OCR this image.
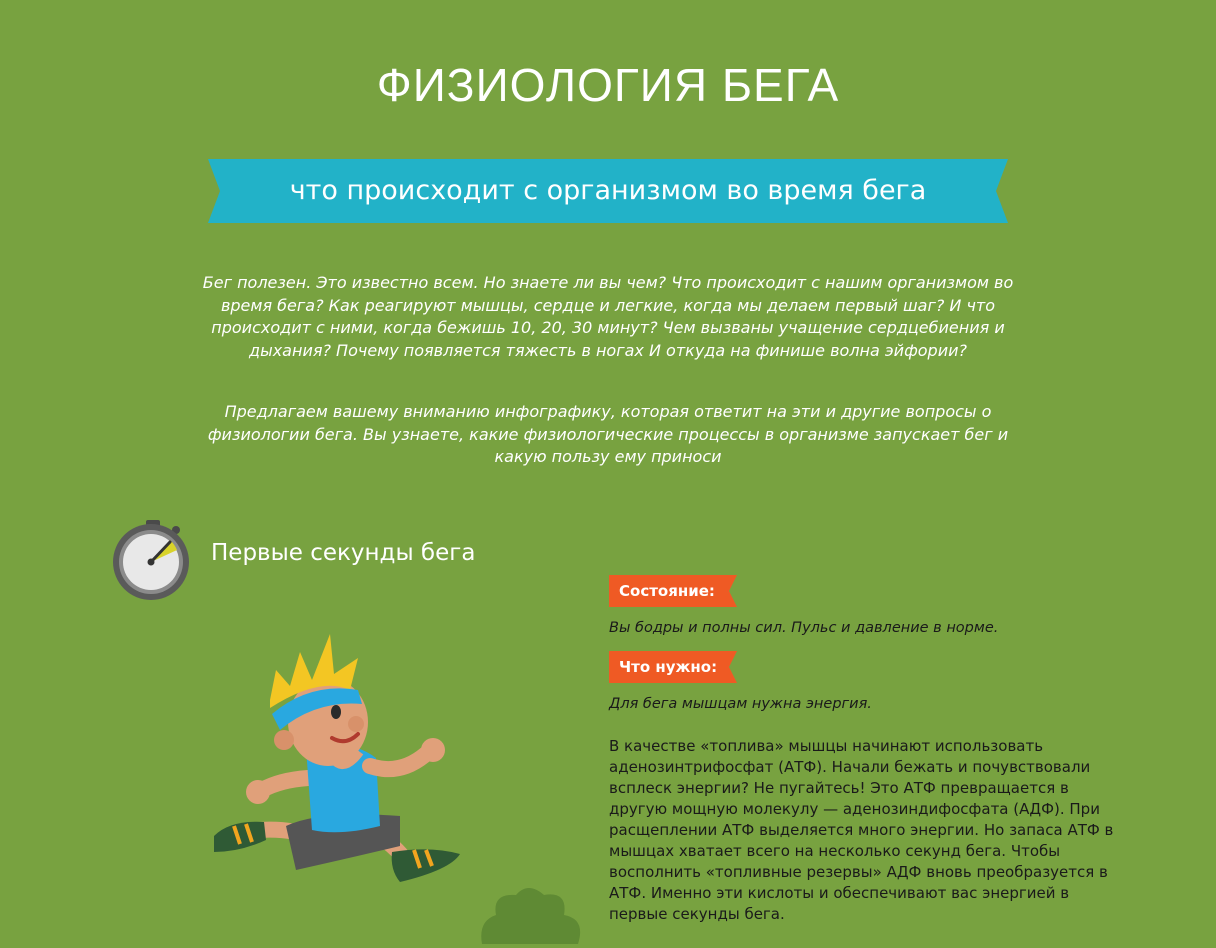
ФИЗИОЛОГИЯ БЕГА
что происходит с организмом во время бега

Бег полезен. Это известно всем. Но знаете ли вы чем? Что происходит с нашим организмом во время бега? Как реагируют мышцы, сердце и легкие, когда мы делаем первый шаг? И что происходит с ними, когда бежишь 10, 20, 30 минут? Чем вызваны учащение сердцебиения и дыхания? Почему появляется тяжесть в ногах И откуда на финише волна эйфории?

Предлагаем вашему вниманию инфографику, которая ответит на эти и другие вопросы о физиологии бега. Вы узнаете, какие физиологические процессы в организме запускает бег и какую пользу ему приноси

Первые секунды бега
Состояние:

Вы бодры и полны сил. Пульс и давление в норме.

Что нужно:

Для бега мышцам нужна энергия.

В качестве «топлива» мышцы начинают использовать аденозинтрифосфат (АТФ). Начали бежать и почувствовали всплеск энергии? Не пугайтесь! Это АТФ превращается в другую мощную молекулу — аденозиндифосфата (АДФ). При расщеплении АТФ выделяется много энергии. Но запаса АТФ в мышцах хватает всего на несколько секунд бега. Чтобы восполнить «топливные резервы» АДФ вновь преобразуется в АТФ. Именно эти кислоты и обеспечивают вас энергией в первые секунды бега.
